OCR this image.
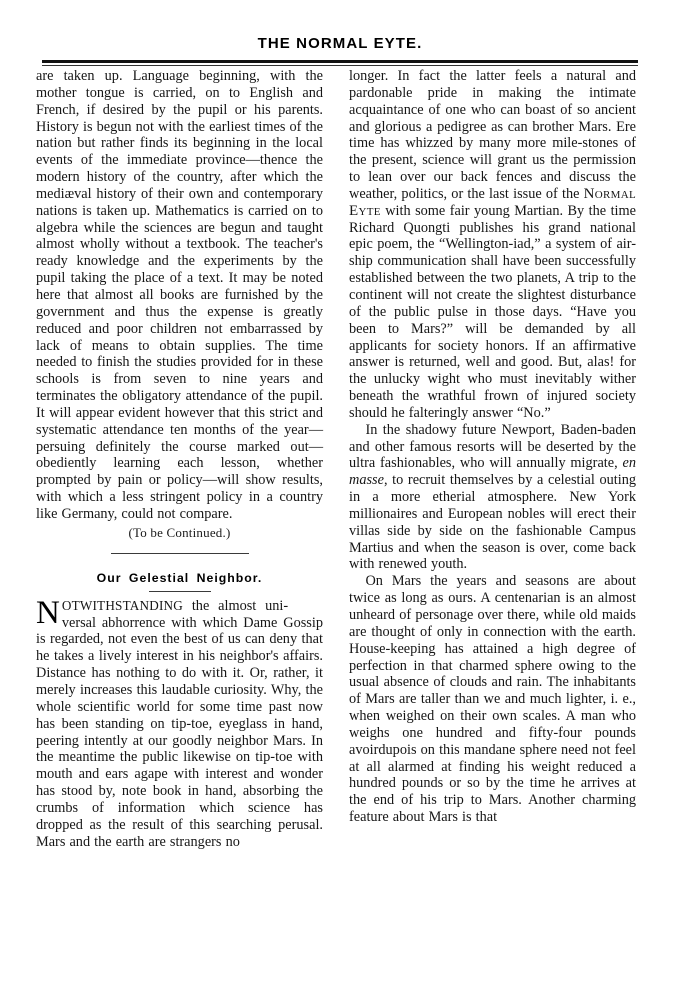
THE NORMAL EYTE.

are taken up. Language beginning, with the mother tongue is carried, on to English and French, if desired by the pupil or his parents. History is begun not with the earliest times of the nation but rather finds its beginning in the local events of the immediate province—thence the modern history of the country, after which the mediæval history of their own and contemporary nations is taken up. Mathematics is carried on to algebra while the sciences are begun and taught almost wholly without a textbook. The teacher's ready knowledge and the experiments by the pupil taking the place of a text. It may be noted here that almost all books are furnished by the government and thus the expense is greatly reduced and poor children not embarrassed by lack of means to obtain supplies. The time needed to finish the studies provided for in these schools is from seven to nine years and terminates the obligatory attendance of the pupil. It will appear evident however that this strict and systematic attendance ten months of the year—persuing definitely the course marked out—obediently learning each lesson, whether prompted by pain or policy—will show results, with which a less stringent policy in a country like Germany, could not compare.

(To be Continued.)

Our Gelestial Neighbor.

NOTWITHSTANDING the almost uni- versal abhorrence with which Dame Gossip is regarded, not even the best of us can deny that he takes a lively interest in his neighbor's affairs. Distance has nothing to do with it. Or, rather, it merely increases this laudable curiosity. Why, the whole scientific world for some time past now has been standing on tip-toe, eyeglass in hand, peering intently at our goodly neighbor Mars. In the meantime the public likewise on tip-toe with mouth and ears agape with interest and wonder has stood by, note book in hand, absorbing the crumbs of information which science has dropped as the result of this searching perusal. Mars and the earth are strangers no

longer. In fact the latter feels a natural and pardonable pride in making the intimate acquaintance of one who can boast of so ancient and glorious a pedigree as can brother Mars. Ere time has whizzed by many more mile-stones of the present, science will grant us the permission to lean over our back fences and discuss the weather, politics, or the last issue of the Normal Eyte with some fair young Martian. By the time Richard Quongti publishes his grand national epic poem, the “Wellington-iad,” a system of air-ship communication shall have been successfully established between the two planets, A trip to the continent will not create the slightest disturbance of the public pulse in those days. “Have you been to Mars?” will be demanded by all applicants for society honors. If an affirmative answer is returned, well and good. But, alas! for the unlucky wight who must inevitably wither beneath the wrathful frown of injured society should he falteringly answer “No.”

In the shadowy future Newport, Baden-baden and other famous resorts will be deserted by the ultra fashionables, who will annually migrate, en masse, to recruit themselves by a celestial outing in a more etherial atmosphere. New York millionaires and European nobles will erect their villas side by side on the fashionable Campus Martius and when the season is over, come back with renewed youth.

On Mars the years and seasons are about twice as long as ours. A centenarian is an almost unheard of personage over there, while old maids are thought of only in connection with the earth. House-keeping has attained a high degree of perfection in that charmed sphere owing to the usual absence of clouds and rain. The inhabitants of Mars are taller than we and much lighter, i. e., when weighed on their own scales. A man who weighs one hundred and fifty-four pounds avoirdupois on this mandane sphere need not feel at all alarmed at finding his weight reduced a hundred pounds or so by the time he arrives at the end of his trip to Mars. Another charming feature about Mars is that
